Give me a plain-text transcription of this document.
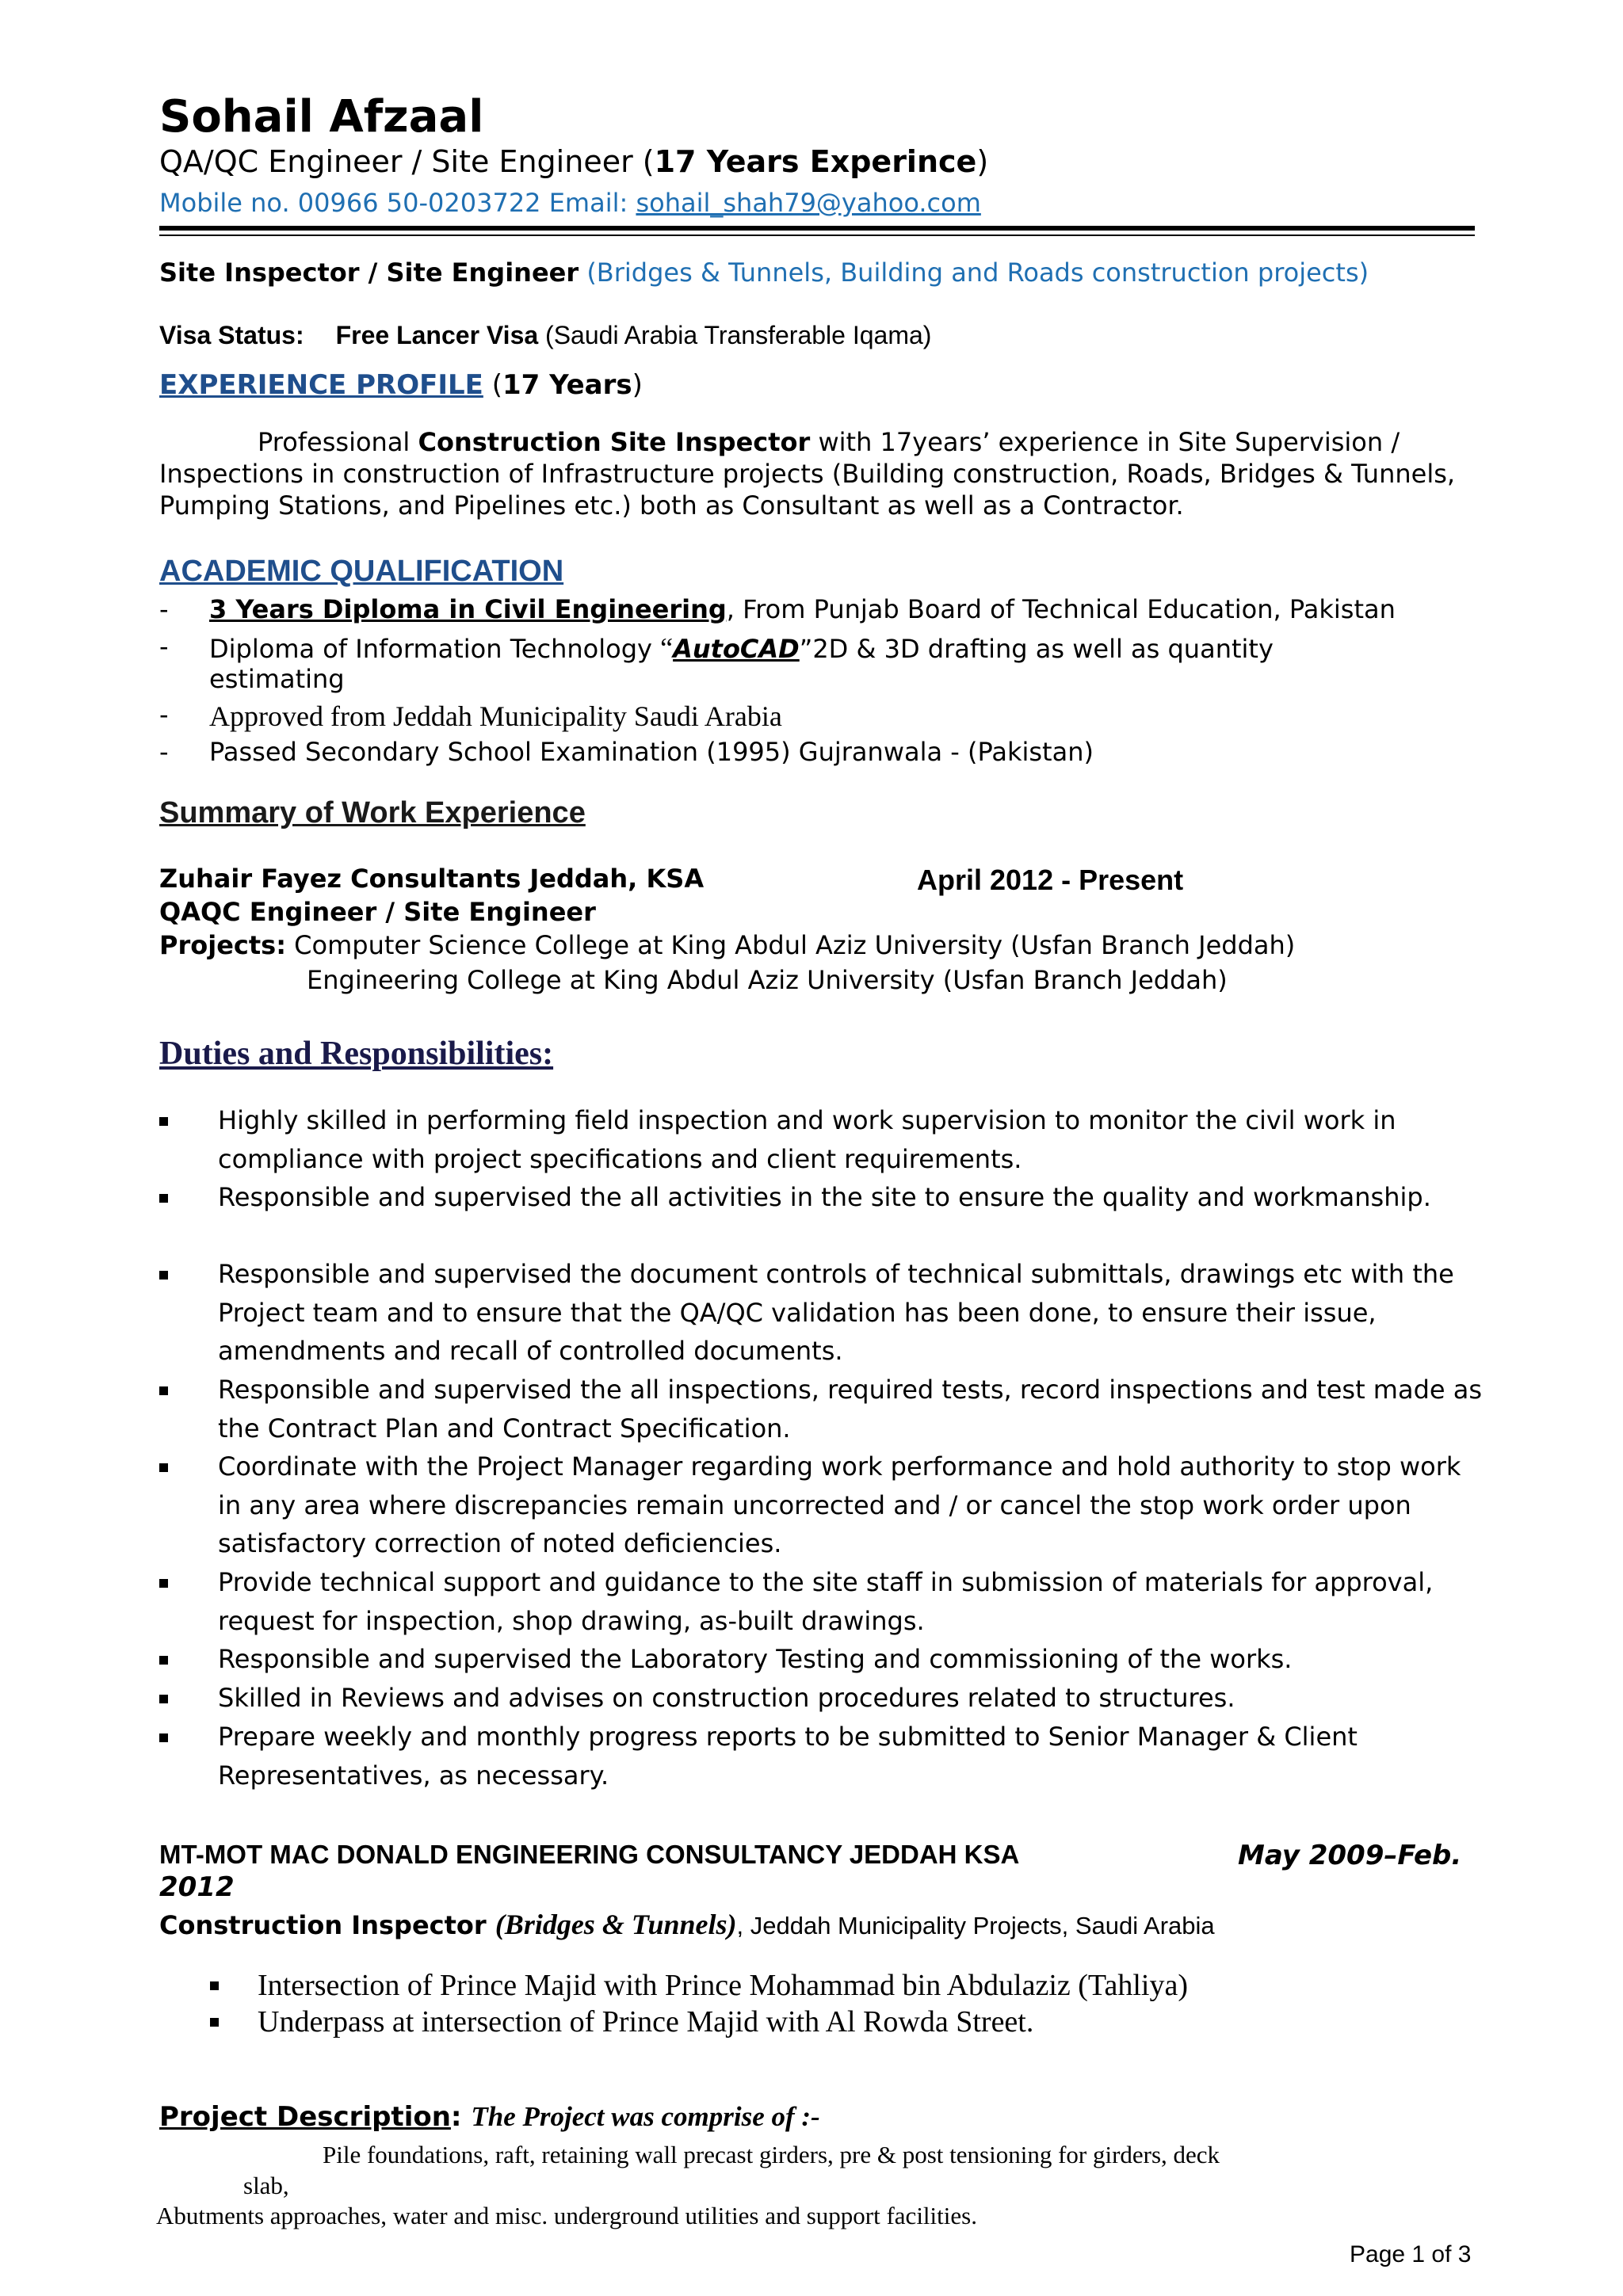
Sohail Afzaal
QA/QC Engineer / Site Engineer (17 Years Experince)
Mobile no. 00966 50-0203722 Email: sohail_shah79@yahoo.com
Site Inspector / Site Engineer (Bridges & Tunnels, Building and Roads construction projects)
Visa Status: Free Lancer Visa (Saudi Arabia Transferable Iqama)
EXPERIENCE PROFILE (17 Years)
Professional Construction Site Inspector with 17years’ experience in Site Supervision / Inspections in construction of Infrastructure projects (Building construction, Roads, Bridges & Tunnels, Pumping Stations, and Pipelines etc.) both as Consultant as well as a Contractor.
ACADEMIC QUALIFICATION
-	3 Years Diploma in Civil Engineering, From Punjab Board of Technical Education, Pakistan
-	Diploma of Information Technology “AutoCAD”2D & 3D drafting as well as quantity
estimating
-	Approved from Jeddah Municipality Saudi Arabia
-	Passed Secondary School Examination (1995) Gujranwala - (Pakistan)
Summary of Work Experience
Zuhair Fayez Consultants Jeddah, KSA	April 2012 - Present
QAQC Engineer / Site Engineer
Projects: Computer Science College at King Abdul Aziz University (Usfan Branch Jeddah)
Engineering College at King Abdul Aziz University (Usfan Branch Jeddah)
Duties and Responsibilities:
Highly skilled in performing field inspection and work supervision to monitor the civil work in compliance with project specifications and client requirements.
Responsible and supervised the all activities in the site to ensure the quality and workmanship.
Responsible and supervised the document controls of technical submittals, drawings etc with the Project team and to ensure that the QA/QC validation has been done, to ensure their issue, amendments and recall of controlled documents.
Responsible and supervised the all inspections, required tests, record inspections and test made as the Contract Plan and Contract Specification.
Coordinate with the Project Manager regarding work performance and hold authority to stop work in any area where discrepancies remain uncorrected and / or cancel the stop work order upon satisfactory correction of noted deficiencies.
Provide technical support and guidance to the site staff in submission of materials for approval, request for inspection, shop drawing, as-built drawings.
Responsible and supervised the Laboratory Testing and commissioning of the works.
Skilled in Reviews and advises on construction procedures related to structures.
Prepare weekly and monthly progress reports to be submitted to Senior Manager & Client Representatives, as necessary.
MT-MOT MAC DONALD ENGINEERING CONSULTANCY JEDDAH KSA	May 2009–Feb.
2012
Construction Inspector (Bridges & Tunnels), Jeddah Municipality Projects, Saudi Arabia
Intersection of Prince Majid with Prince Mohammad bin Abdulaziz (Tahliya)
Underpass at intersection of Prince Majid with Al Rowda Street.
Project Description: The Project was comprise of :-
Pile foundations, raft, retaining wall precast girders, pre & post tensioning for girders, deck
slab,
Abutments approaches, water and misc. underground utilities and support facilities.
Page 1 of 3
